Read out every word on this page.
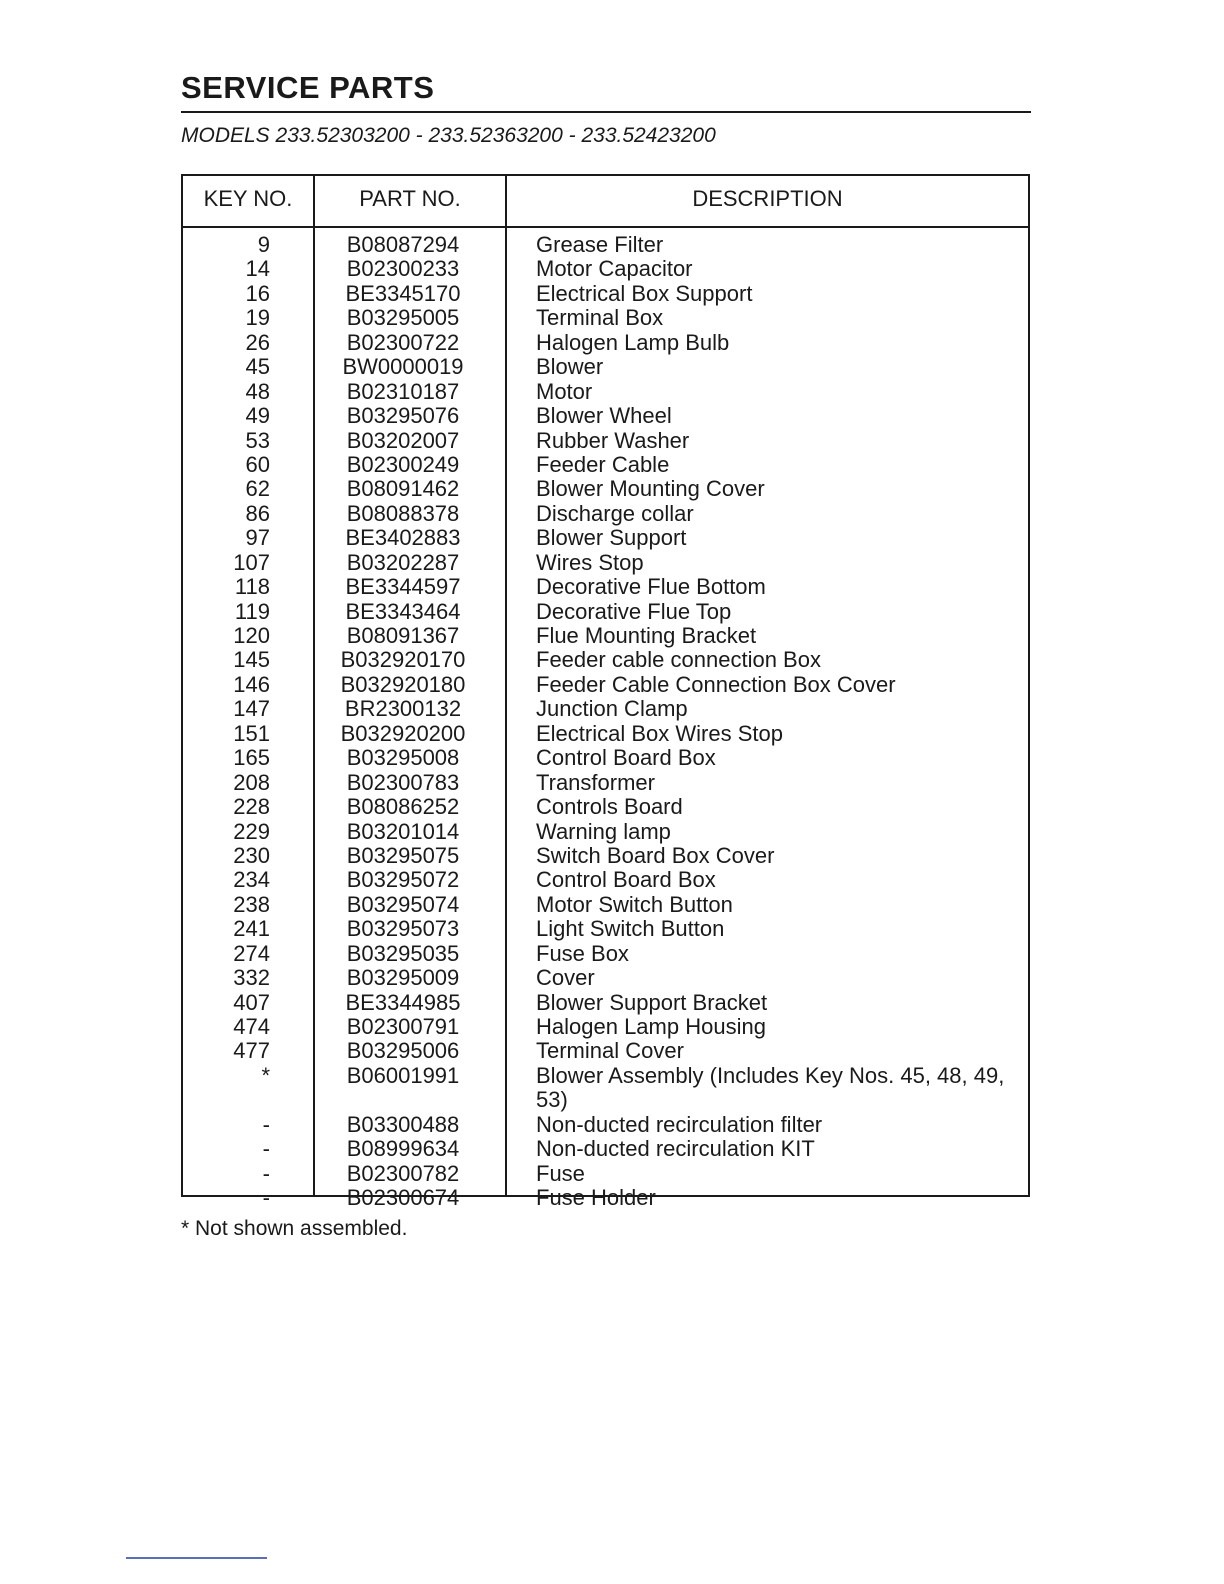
SERVICE PARTS

MODELS 233.52303200 - 233.52363200 - 233.52423200

KEY NO.	PART NO.	DESCRIPTION
9	B08087294	Grease Filter
14	B02300233	Motor Capacitor
16	BE3345170	Electrical Box Support
19	B03295005	Terminal Box
26	B02300722	Halogen Lamp Bulb
45	BW0000019	Blower
48	B02310187	Motor
49	B03295076	Blower Wheel
53	B03202007	Rubber Washer
60	B02300249	Feeder Cable
62	B08091462	Blower Mounting Cover
86	B08088378	Discharge collar
97	BE3402883	Blower Support
107	B03202287	Wires Stop
118	BE3344597	Decorative Flue Bottom
119	BE3343464	Decorative Flue Top
120	B08091367	Flue Mounting Bracket
145	B032920170	Feeder cable connection Box
146	B032920180	Feeder Cable Connection Box Cover
147	BR2300132	Junction Clamp
151	B032920200	Electrical Box Wires Stop
165	B03295008	Control Board Box
208	B02300783	Transformer
228	B08086252	Controls Board
229	B03201014	Warning lamp
230	B03295075	Switch Board Box Cover
234	B03295072	Control Board Box
238	B03295074	Motor Switch Button
241	B03295073	Light Switch Button
274	B03295035	Fuse Box
332	B03295009	Cover
407	BE3344985	Blower Support Bracket
474	B02300791	Halogen Lamp Housing
477	B03295006	Terminal Cover
*	B06001991	Blower Assembly (Includes Key Nos. 45, 48, 49, 53)
-	B03300488	Non-ducted recirculation filter
-	B08999634	Non-ducted recirculation KIT
-	B02300782	Fuse
-	B02300674	Fuse Holder

* Not shown assembled.
